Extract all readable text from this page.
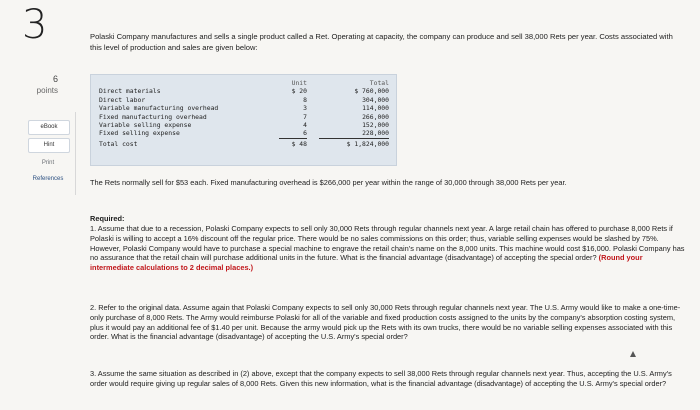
3
6
points
eBook
Hint
Print
References
Polaski Company manufactures and sells a single product called a Ret. Operating at capacity, the company can produce and sell 38,000 Rets per year. Costs associated with this level of production and sales are given below:
Unit	Total
Direct materials	$ 20	$ 760,000
Direct labor	8	304,000
Variable manufacturing overhead	3	114,000
Fixed manufacturing overhead	7	266,000
Variable selling expense	4	152,000
Fixed selling expense	6	228,000
Total cost	$ 48	$ 1,824,000
The Rets normally sell for $53 each. Fixed manufacturing overhead is $266,000 per year within the range of 30,000 through 38,000 Rets per year.
Required:
1. Assume that due to a recession, Polaski Company expects to sell only 30,000 Rets through regular channels next year. A large retail chain has offered to purchase 8,000 Rets if Polaski is willing to accept a 16% discount off the regular price. There would be no sales commissions on this order; thus, variable selling expenses would be slashed by 75%. However, Polaski Company would have to purchase a special machine to engrave the retail chain's name on the 8,000 units. This machine would cost $16,000. Polaski Company has no assurance that the retail chain will purchase additional units in the future. What is the financial advantage (disadvantage) of accepting the special order? (Round your intermediate calculations to 2 decimal places.)
2. Refer to the original data. Assume again that Polaski Company expects to sell only 30,000 Rets through regular channels next year. The U.S. Army would like to make a one-time-only purchase of 8,000 Rets. The Army would reimburse Polaski for all of the variable and fixed production costs assigned to the units by the company's absorption costing system, plus it would pay an additional fee of $1.40 per unit. Because the army would pick up the Rets with its own trucks, there would be no variable selling expenses associated with this order. What is the financial advantage (disadvantage) of accepting the U.S. Army's special order?
3. Assume the same situation as described in (2) above, except that the company expects to sell 38,000 Rets through regular channels next year. Thus, accepting the U.S. Army's order would require giving up regular sales of 8,000 Rets. Given this new information, what is the financial advantage (disadvantage) of accepting the U.S. Army's special order?
